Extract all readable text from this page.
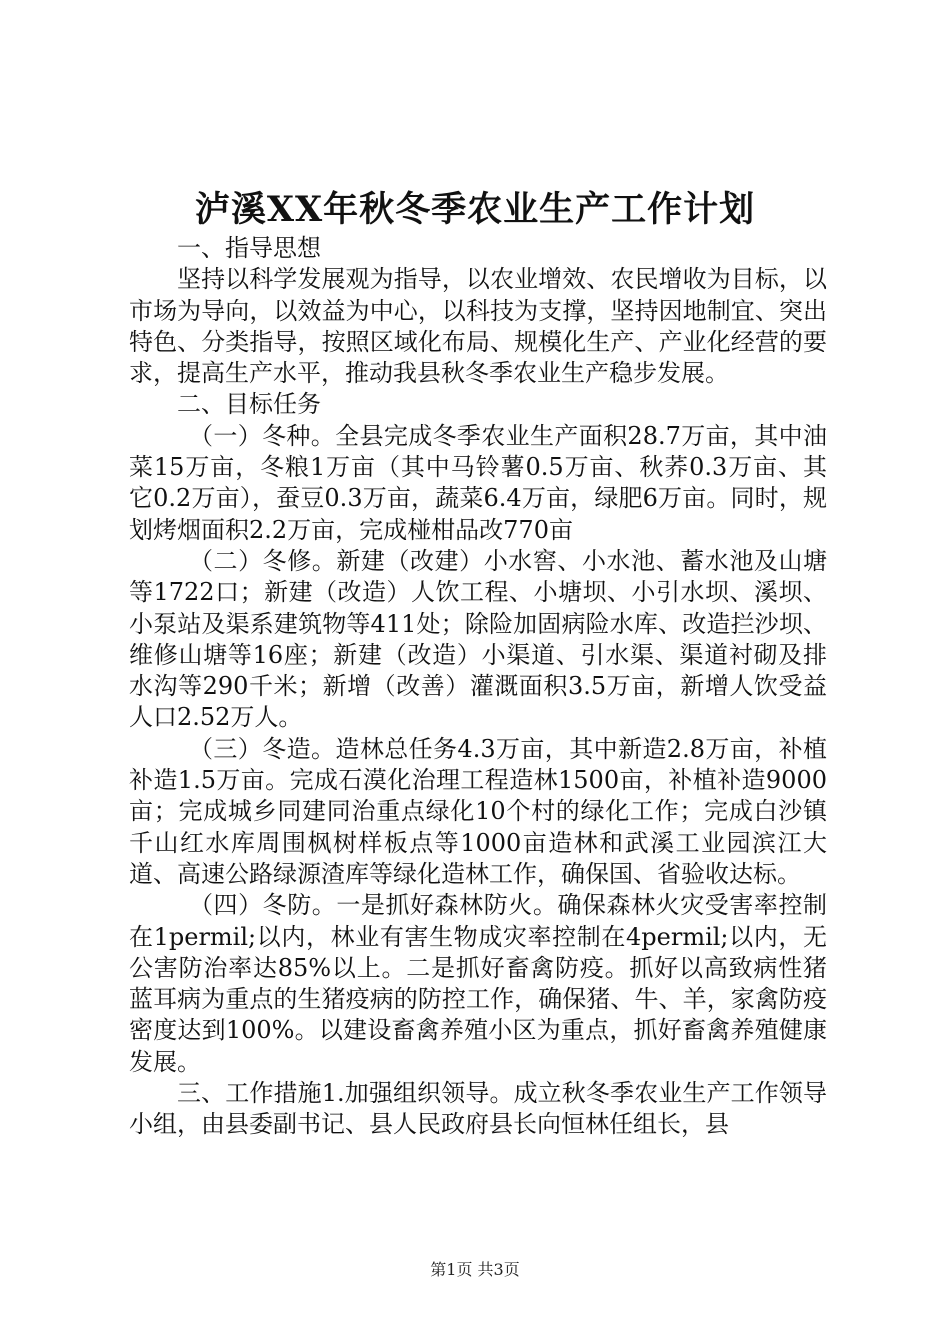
泸溪XX年秋冬季农业生产工作计划

一、指导思想

坚持以科学发展观为指导，以农业增效、农民增收为目标，以市场为导向，以效益为中心，以科技为支撑，坚持因地制宜、突出特色、分类指导，按照区域化布局、规模化生产、产业化经营的要求，提高生产水平，推动我县秋冬季农业生产稳步发展。

二、目标任务

（一）冬种。全县完成冬季农业生产面积28.7万亩，其中油菜15万亩，冬粮1万亩（其中马铃薯0.5万亩、秋荞0.3万亩、其它0.2万亩），蚕豆0.3万亩，蔬菜6.4万亩，绿肥6万亩。同时，规划烤烟面积2.2万亩，完成椪柑品改770亩

（二）冬修。新建（改建）小水窖、小水池、蓄水池及山塘等1722口；新建（改造）人饮工程、小塘坝、小引水坝、溪坝、小泵站及渠系建筑物等411处；除险加固病险水库、改造拦沙坝、维修山塘等16座；新建（改造）小渠道、引水渠、渠道衬砌及排水沟等290千米；新增（改善）灌溉面积3.5万亩，新增人饮受益人口2.52万人。

（三）冬造。造林总任务4.3万亩，其中新造2.8万亩，补植补造1.5万亩。完成石漠化治理工程造林1500亩，补植补造9000亩；完成城乡同建同治重点绿化10个村的绿化工作；完成白沙镇千山红水库周围枫树样板点等1000亩造林和武溪工业园滨江大道、高速公路绿源渣库等绿化造林工作，确保国、省验收达标。

（四）冬防。一是抓好森林防火。确保森林火灾受害率控制在1permil;以内，林业有害生物成灾率控制在4permil;以内，无公害防治率达85%以上。二是抓好畜禽防疫。抓好以高致病性猪蓝耳病为重点的生猪疫病的防控工作，确保猪、牛、羊，家禽防疫密度达到100%。以建设畜禽养殖小区为重点，抓好畜禽养殖健康发展。

三、工作措施1.加强组织领导。成立秋冬季农业生产工作领导小组，由县委副书记、县人民政府县长向恒林任组长，县

第1页 共3页
